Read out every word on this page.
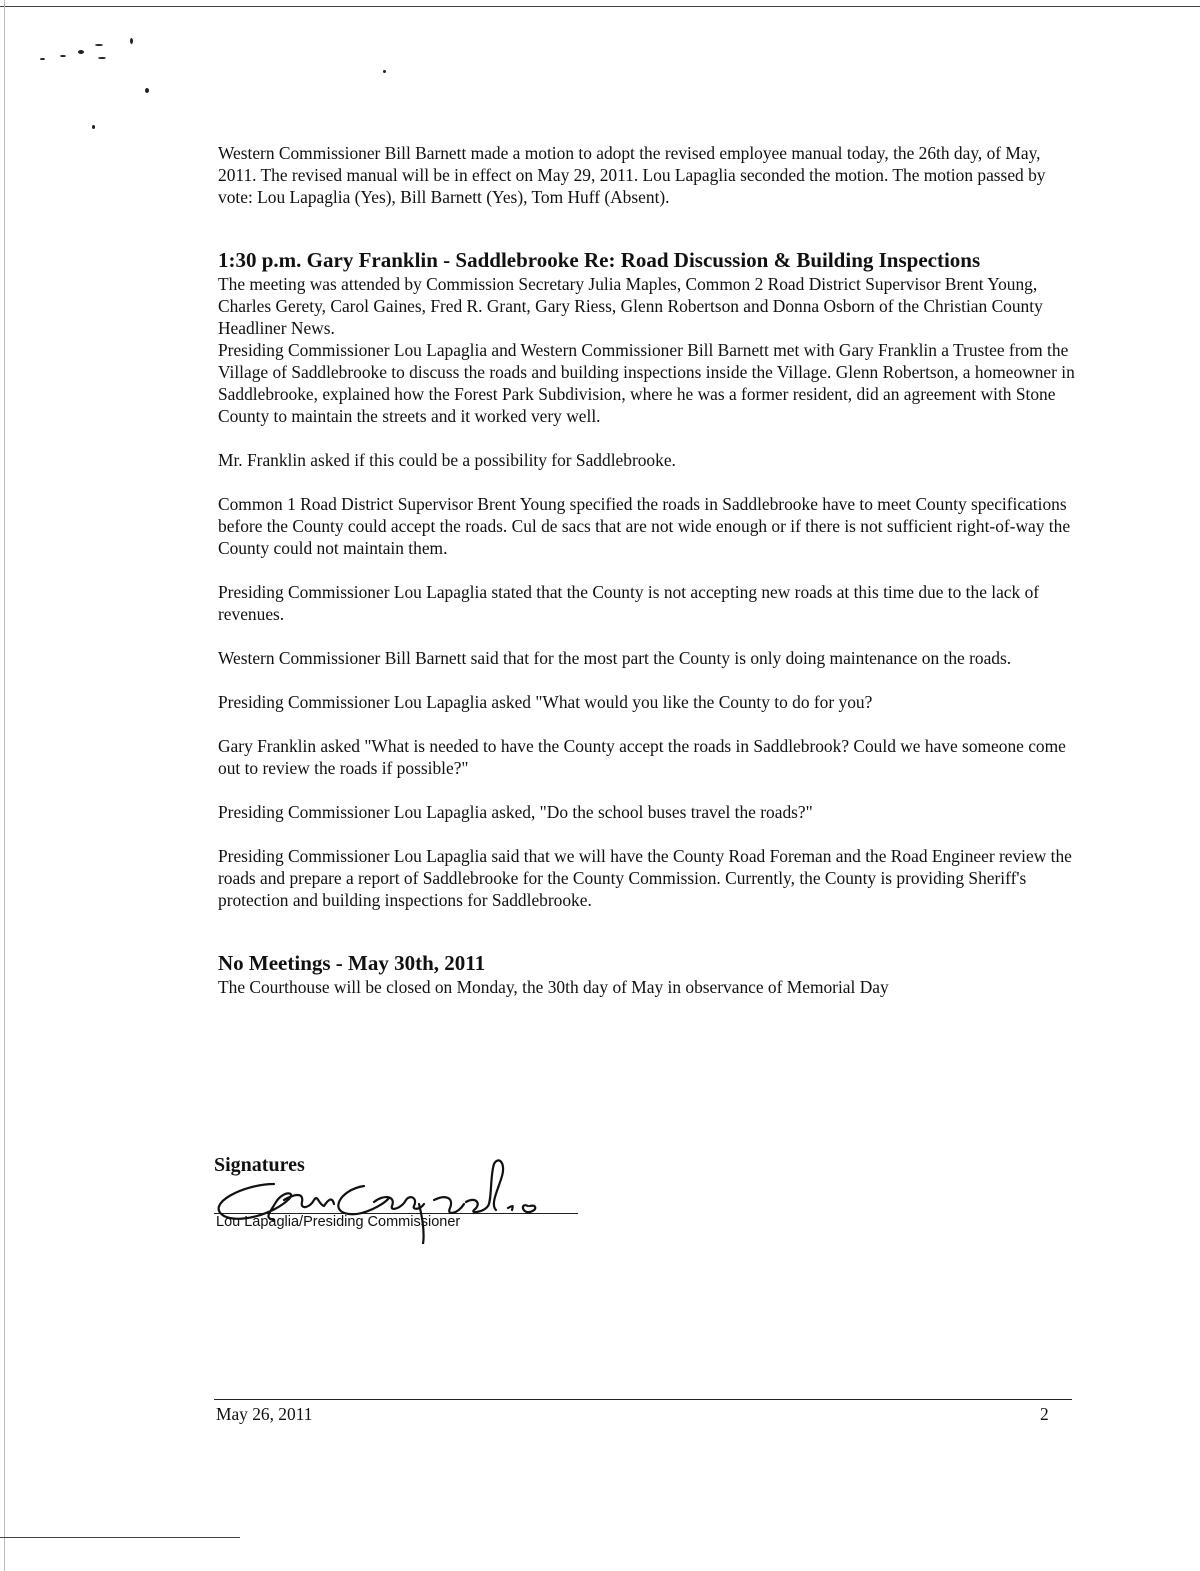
Western Commissioner Bill Barnett made a motion to adopt the revised employee manual today, the 26th day, of May, 2011. The revised manual will be in effect on May 29, 2011. Lou Lapaglia seconded the motion. The motion passed by vote: Lou Lapaglia (Yes), Bill Barnett (Yes), Tom Huff (Absent).

1:30 p.m. Gary Franklin - Saddlebrooke Re: Road Discussion & Building Inspections

The meeting was attended by Commission Secretary Julia Maples, Common 2 Road District Supervisor Brent Young, Charles Gerety, Carol Gaines, Fred R. Grant, Gary Riess, Glenn Robertson and Donna Osborn of the Christian County Headliner News.

Presiding Commissioner Lou Lapaglia and Western Commissioner Bill Barnett met with Gary Franklin a Trustee from the Village of Saddlebrooke to discuss the roads and building inspections inside the Village. Glenn Robertson, a homeowner in Saddlebrooke, explained how the Forest Park Subdivision, where he was a former resident, did an agreement with Stone County to maintain the streets and it worked very well.

Mr. Franklin asked if this could be a possibility for Saddlebrooke.

Common 1 Road District Supervisor Brent Young specified the roads in Saddlebrooke have to meet County specifications before the County could accept the roads. Cul de sacs that are not wide enough or if there is not sufficient right-of-way the County could not maintain them.

Presiding Commissioner Lou Lapaglia stated that the County is not accepting new roads at this time due to the lack of revenues.

Western Commissioner Bill Barnett said that for the most part the County is only doing maintenance on the roads.

Presiding Commissioner Lou Lapaglia asked "What would you like the County to do for you?

Gary Franklin asked "What is needed to have the County accept the roads in Saddlebrook? Could we have someone come out to review the roads if possible?"

Presiding Commissioner Lou Lapaglia asked, "Do the school buses travel the roads?"

Presiding Commissioner Lou Lapaglia said that we will have the County Road Foreman and the Road Engineer review the roads and prepare a report of Saddlebrooke for the County Commission. Currently, the County is providing Sheriff's protection and building inspections for Saddlebrooke.

No Meetings - May 30th, 2011

The Courthouse will be closed on Monday, the 30th day of May in observance of Memorial Day

Signatures
Lou Lapaglia/Presiding Commissioner
May 26, 2011	2
